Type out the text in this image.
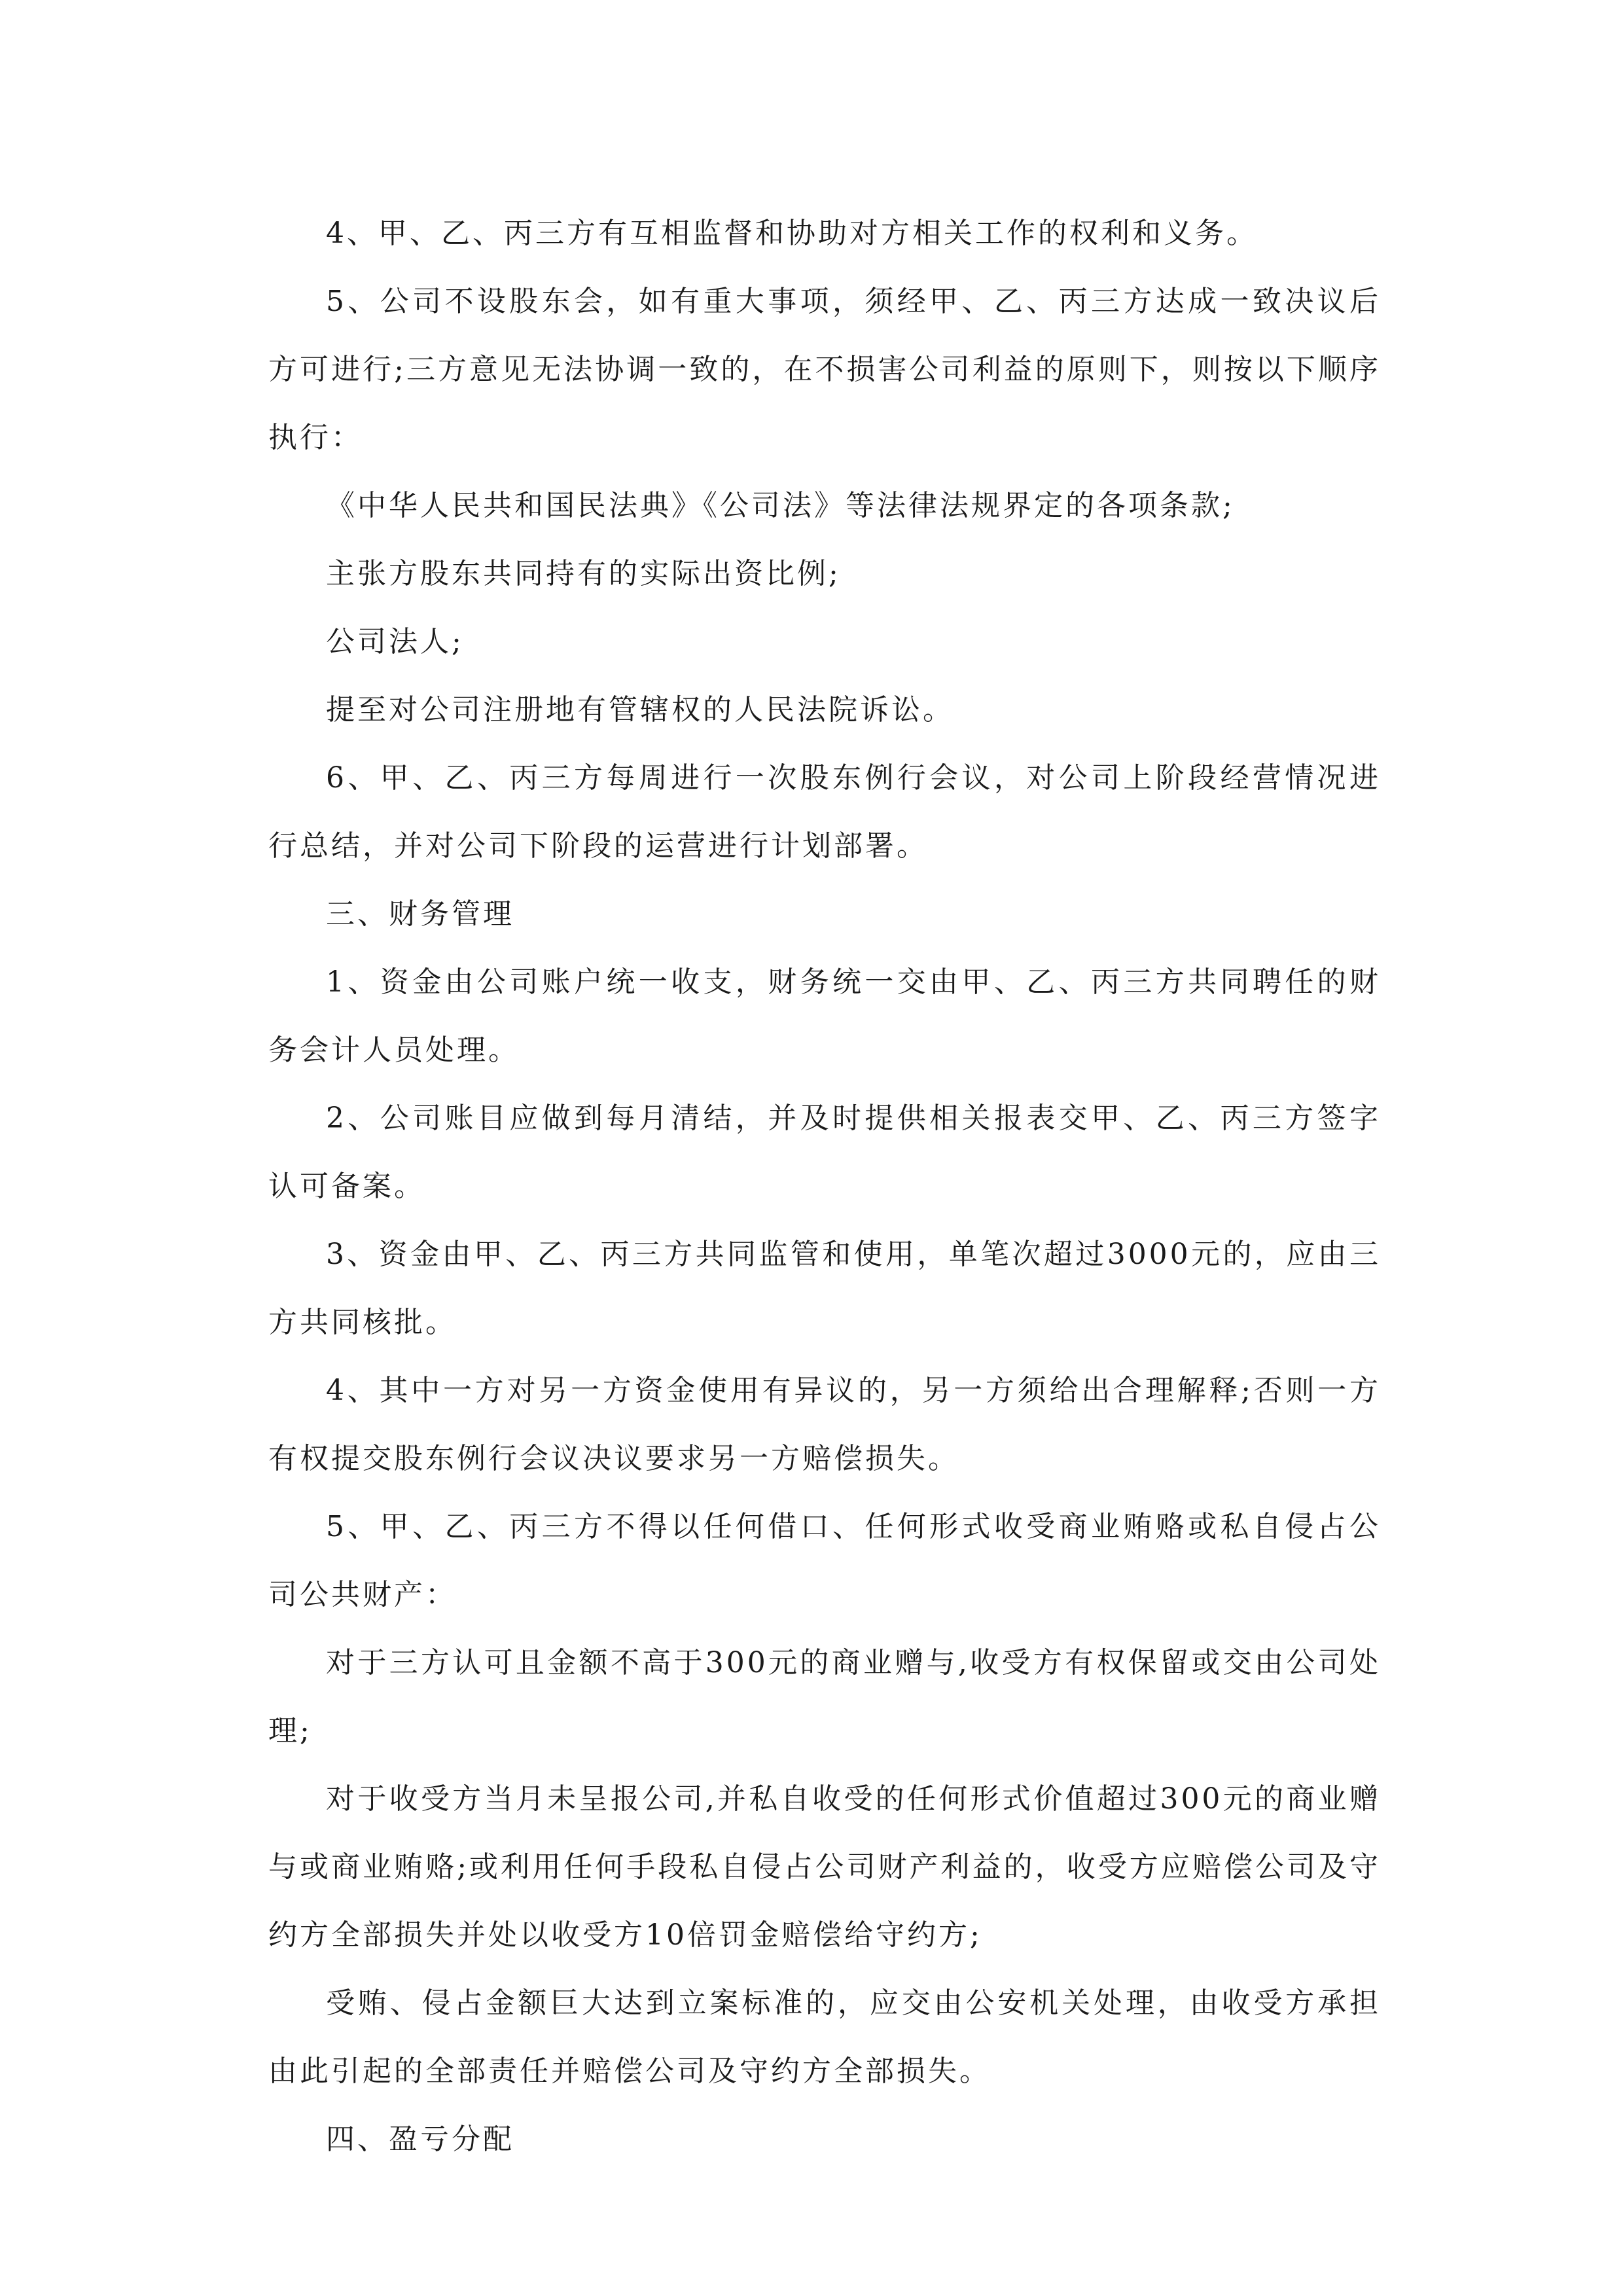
4、甲、乙、丙三方有互相监督和协助对方相关工作的权利和义务。

5、公司不设股东会，如有重大事项，须经甲、乙、丙三方达成一致决议后方可进行;三方意见无法协调一致的，在不损害公司利益的原则下，则按以下顺序执行：

《中华人民共和国民法典》《公司法》等法律法规界定的各项条款;

主张方股东共同持有的实际出资比例;

公司法人;

提至对公司注册地有管辖权的人民法院诉讼。

6、甲、乙、丙三方每周进行一次股东例行会议，对公司上阶段经营情况进行总结，并对公司下阶段的运营进行计划部署。

三、财务管理

1、资金由公司账户统一收支，财务统一交由甲、乙、丙三方共同聘任的财务会计人员处理。

2、公司账目应做到每月清结，并及时提供相关报表交甲、乙、丙三方签字认可备案。

3、资金由甲、乙、丙三方共同监管和使用，单笔次超过3000元的，应由三方共同核批。

4、其中一方对另一方资金使用有异议的，另一方须给出合理解释;否则一方有权提交股东例行会议决议要求另一方赔偿损失。

5、甲、乙、丙三方不得以任何借口、任何形式收受商业贿赂或私自侵占公司公共财产：

对于三方认可且金额不高于300元的商业赠与,收受方有权保留或交由公司处理;

对于收受方当月未呈报公司,并私自收受的任何形式价值超过300元的商业赠与或商业贿赂;或利用任何手段私自侵占公司财产利益的，收受方应赔偿公司及守约方全部损失并处以收受方10倍罚金赔偿给守约方;

受贿、侵占金额巨大达到立案标准的，应交由公安机关处理，由收受方承担由此引起的全部责任并赔偿公司及守约方全部损失。

四、盈亏分配
